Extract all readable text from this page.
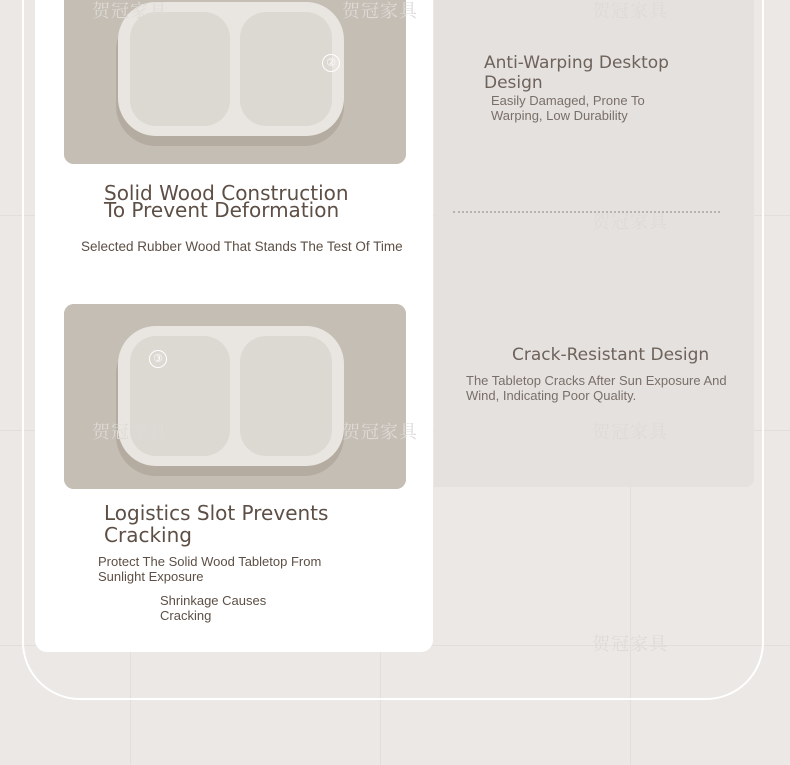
②
Solid Wood Construction
To Prevent Deformation
Selected Rubber Wood That Stands The Test Of Time
③
Logistics Slot Prevents
Cracking
Protect The Solid Wood Tabletop From Sunlight Exposure
Shrinkage Causes Cracking
Anti-Warping Desktop Design
Easily Damaged, Prone To Warping, Low Durability
Crack-Resistant Design
The Tabletop Cracks After Sun Exposure And Wind, Indicating Poor Quality.
贺冠家具	贺冠家具	贺冠家具
贺冠家具
贺冠家具	贺冠家具	贺冠家具
贺冠家具
